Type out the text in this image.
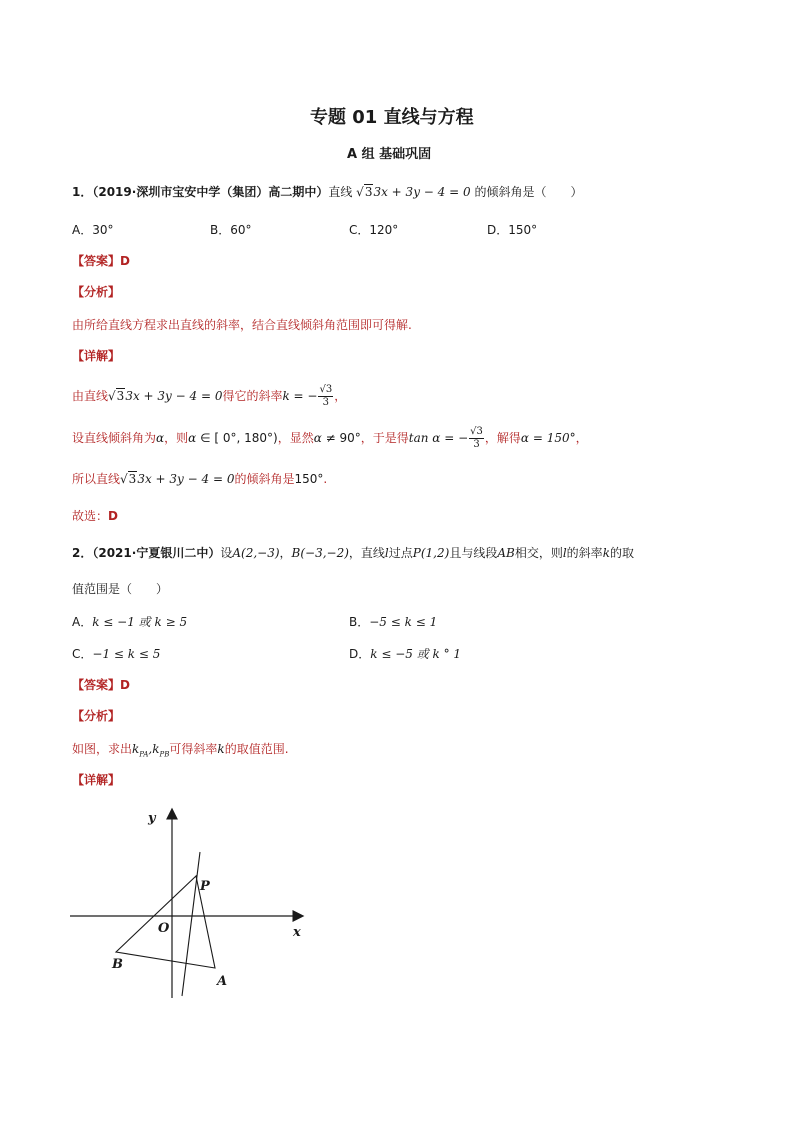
专题 01 直线与方程
A 组 基础巩固
1．（2019·深圳市宝安中学（集团）高二期中）直线 √33x + 3y − 4 = 0 的倾斜角是（　　）
A．30°	B．60°	C．120°	D．150°
【答案】D
【分析】
由所给直线方程求出直线的斜率，结合直线倾斜角范围即可得解.
【详解】
由直线√33x + 3y − 4 = 0得它的斜率k = − $\frac{√3}{3}$ ，
设直线倾斜角为α，则α ∈ [ 0°, 180°)，显然α ≠ 90°，于是得tan α = − $\frac{√3}{3}$ ，解得α = 150°，
所以直线√33x + 3y − 4 = 0的倾斜角是150°.
故选：D
2．（2021·宁夏银川二中）设A(2,−3)，B(−3,−2)，直线l过点P(1,2)且与线段AB相交，则l的斜率k的取
值范围是（　　）
A．k ≤ −1 或 k ≥ 5	B．−5 ≤ k ≤ 1
C．−1 ≤ k ≤ 5	D．k ≤ −5 或 k ° 1
【答案】D
【分析】
如图，求出$k_{PA},k_{PB}$可得斜率k的取值范围.
【详解】
y
x
O
P
B
A
